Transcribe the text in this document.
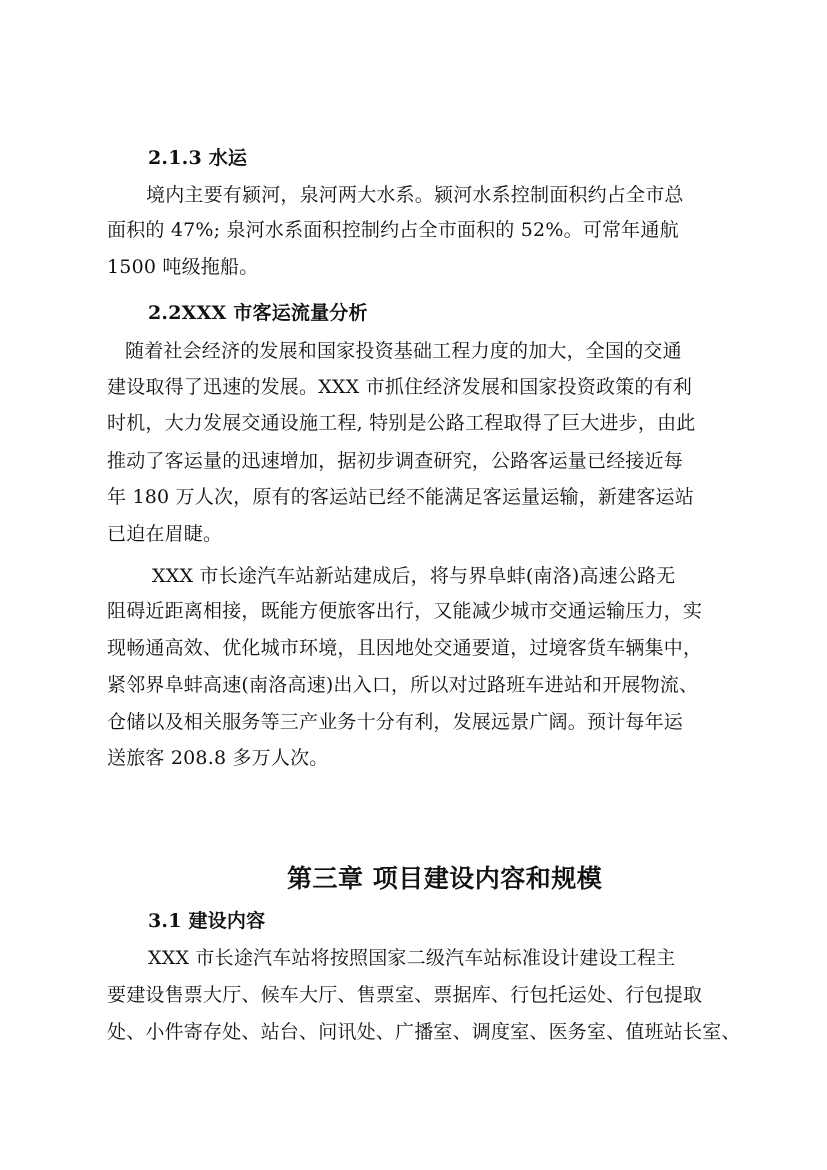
2.1.3 水运
境内主要有颍河，泉河两大水系。颍河水系控制面积约占全市总
面积的 47%; 泉河水系面积控制约占全市面积的 52%。可常年通航
1500 吨级拖船。
2.2XXX 市客运流量分析
随着社会经济的发展和国家投资基础工程力度的加大，全国的交通
建设取得了迅速的发展。XXX 市抓住经济发展和国家投资政策的有利
时机，大力发展交通设施工程, 特别是公路工程取得了巨大进步，由此
推动了客运量的迅速增加，据初步调查研究，公路客运量已经接近每
年 180 万人次，原有的客运站已经不能满足客运量运输，新建客运站
已迫在眉睫。
XXX 市长途汽车站新站建成后，将与界阜蚌(南洛)高速公路无
阻碍近距离相接，既能方便旅客出行，又能减少城市交通运输压力，实
现畅通高效、优化城市环境，且因地处交通要道，过境客货车辆集中，
紧邻界阜蚌高速(南洛高速)出入口，所以对过路班车进站和开展物流、
仓储以及相关服务等三产业务十分有利，发展远景广阔。预计每年运
送旅客 208.8 多万人次。
第三章 项目建设内容和规模
3.1 建设内容
XXX 市长途汽车站将按照国家二级汽车站标准设计建设工程主
要建设售票大厅、候车大厅、售票室、票据库、行包托运处、行包提取
处、小件寄存处、站台、问讯处、广播室、调度室、医务室、值班站长室、
